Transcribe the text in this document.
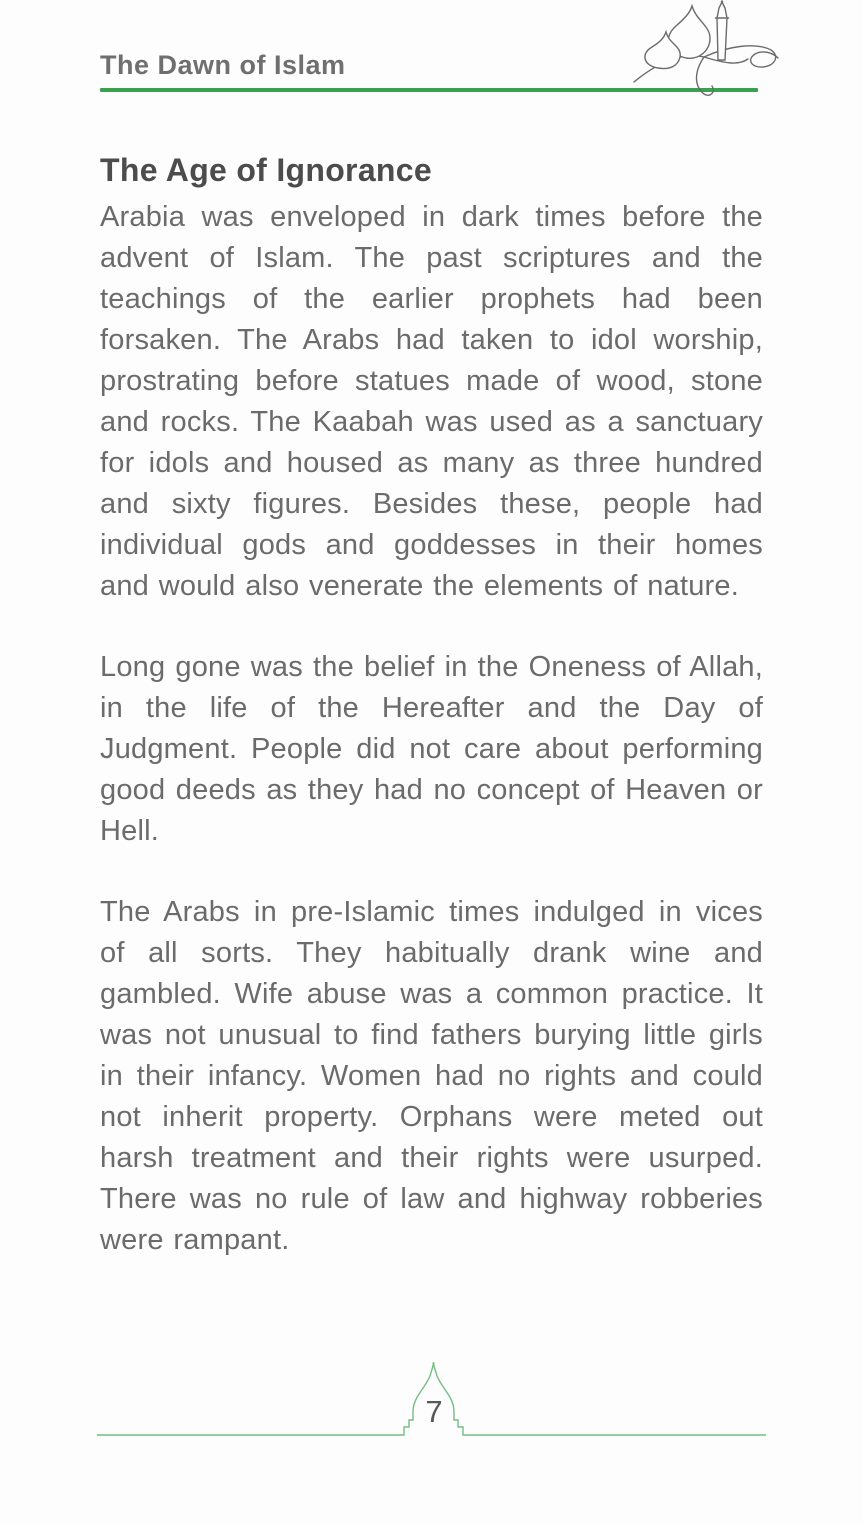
The Dawn of Islam
The Age of Ignorance

Arabia was enveloped in dark times before the advent of Islam. The past scriptures and the teachings of the earlier prophets had been forsaken. The Arabs had taken to idol worship, prostrating before statues made of wood, stone and rocks. The Kaabah was used as a sanctuary for idols and housed as many as three hundred and sixty figures. Besides these, people had individual gods and goddesses in their homes and would also venerate the elements of nature.

Long gone was the belief in the Oneness of Allah, in the life of the Hereafter and the Day of Judgment. People did not care about performing good deeds as they had no concept of Heaven or Hell.

The Arabs in pre-Islamic times indulged in vices of all sorts. They habitually drank wine and gambled. Wife abuse was a common practice. It was not unusual to find fathers burying little girls in their infancy. Women had no rights and could not inherit property. Orphans were meted out harsh treatment and their rights were usurped. There was no rule of law and highway robberies were rampant.

7
